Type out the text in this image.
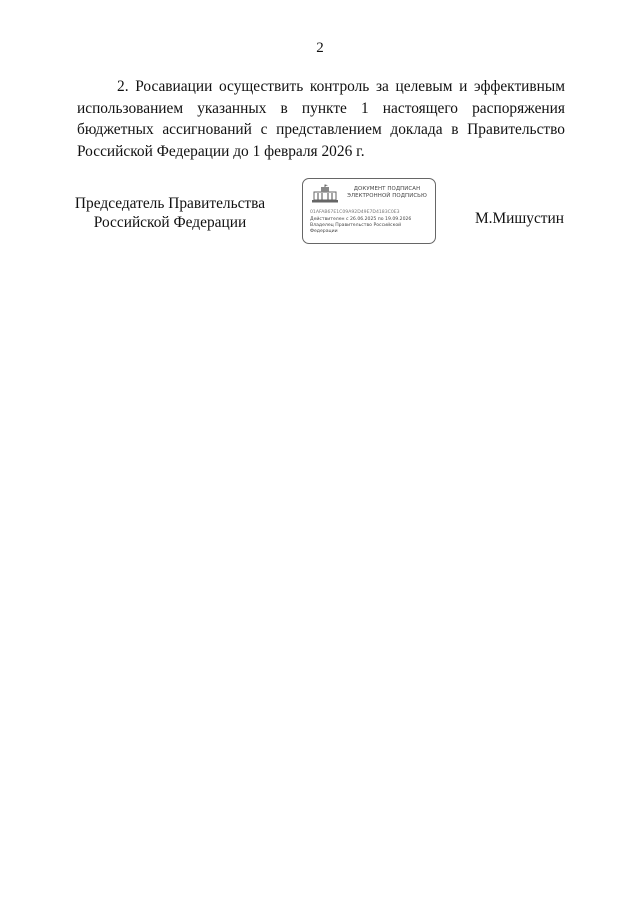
2

2. Росавиации осуществить контроль за целевым и эффективным использованием указанных в пункте 1 настоящего распоряжения бюджетных ассигнований с представлением доклада в Правительство Российской Федерации до 1 февраля 2026 г.

Председатель Правительства
Российской Федерации
ДОКУМЕНТ ПОДПИСАН
ЭЛЕКТРОННОЙ ПОДПИСЬЮ
01AFAB67E1C09A92D49E7D4183C0E3
Действителен с 26.06.2025 по 19.09.2026
Владелец Правительство Российской Федерации
М.Мишустин
